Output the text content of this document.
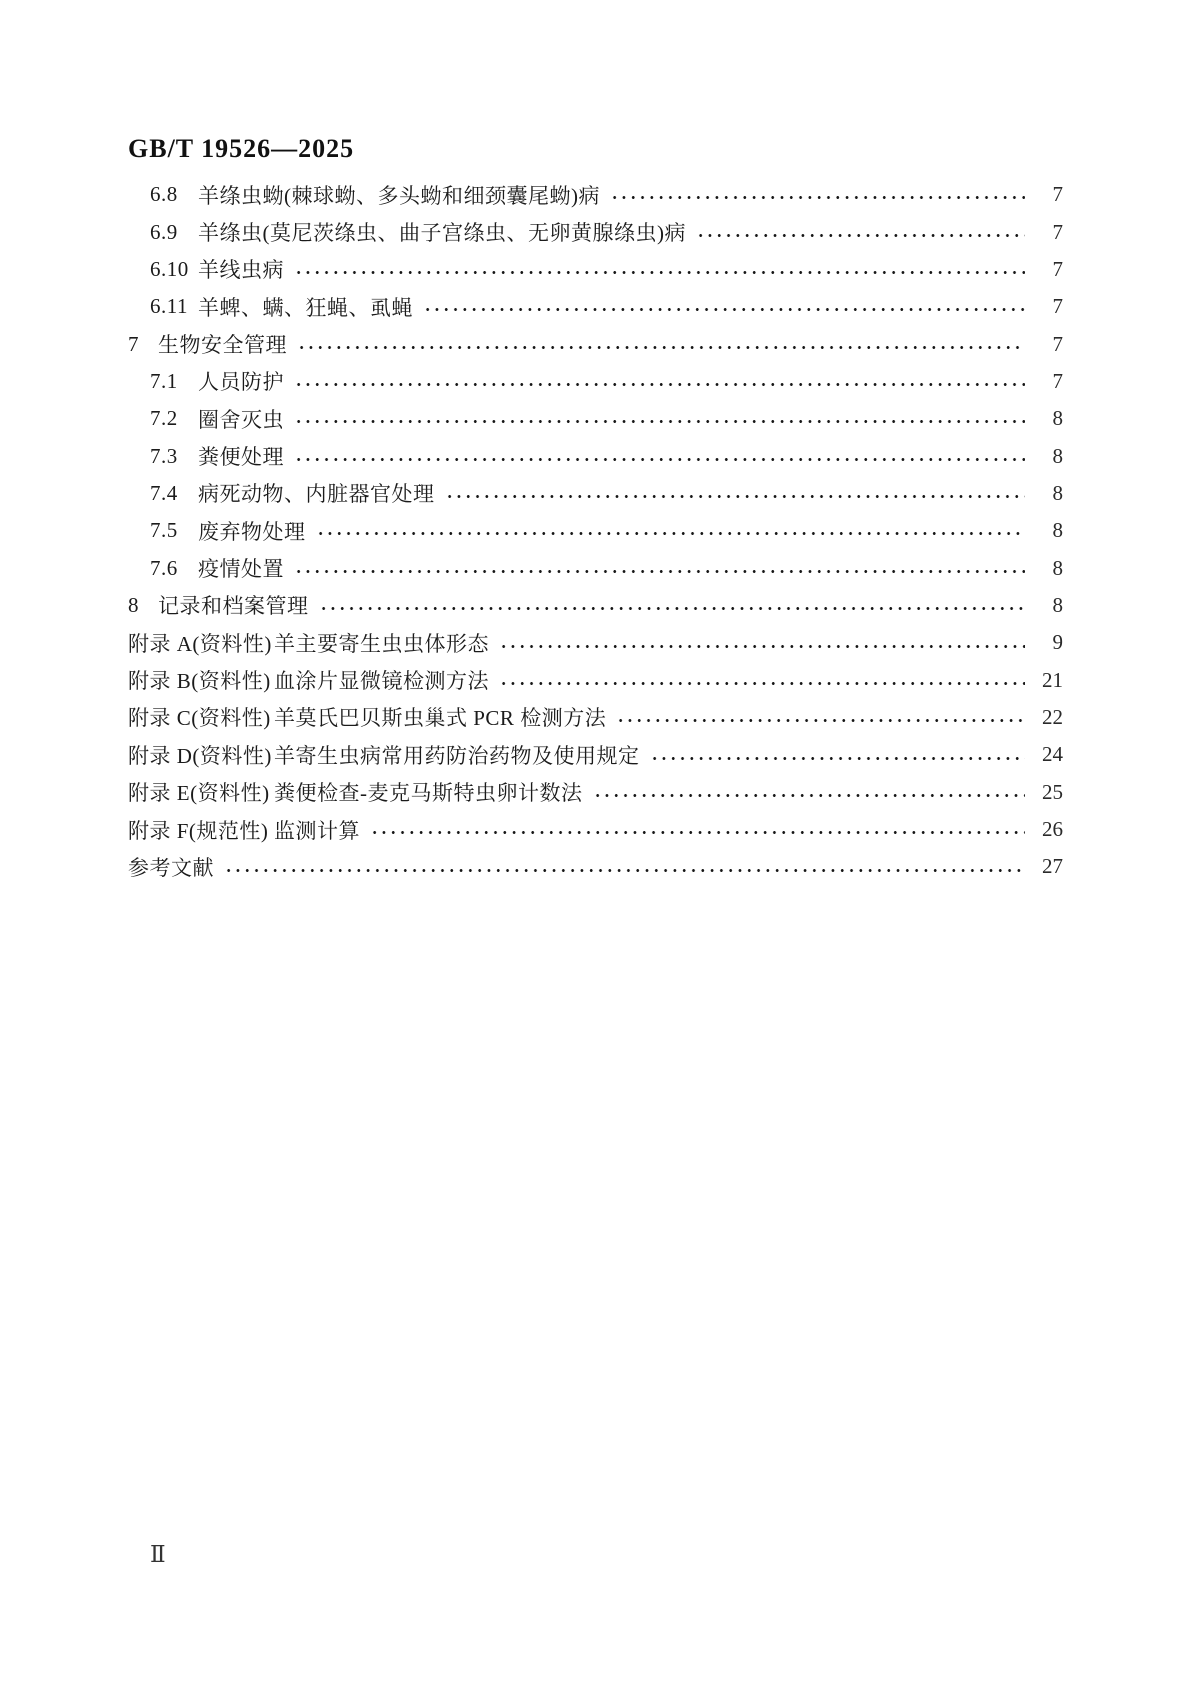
GB/T 19526—2025
6.8 羊绦虫蚴(棘球蚴、多头蚴和细颈囊尾蚴)病	7
6.9 羊绦虫(莫尼茨绦虫、曲子宫绦虫、无卵黄腺绦虫)病	7
6.10 羊线虫病	7
6.11 羊蜱、螨、狂蝇、虱蝇	7
7 生物安全管理	7
7.1 人员防护	7
7.2 圈舍灭虫	8
7.3 粪便处理	8
7.4 病死动物、内脏器官处理	8
7.5 废弃物处理	8
7.6 疫情处置	8
8 记录和档案管理	8
附录 A(资料性) 羊主要寄生虫虫体形态	9
附录 B(资料性) 血涂片显微镜检测方法	21
附录 C(资料性) 羊莫氏巴贝斯虫巢式 PCR 检测方法	22
附录 D(资料性) 羊寄生虫病常用药防治药物及使用规定	24
附录 E(资料性) 粪便检查-麦克马斯特虫卵计数法	25
附录 F(规范性) 监测计算	26
参考文献	27
Ⅱ
